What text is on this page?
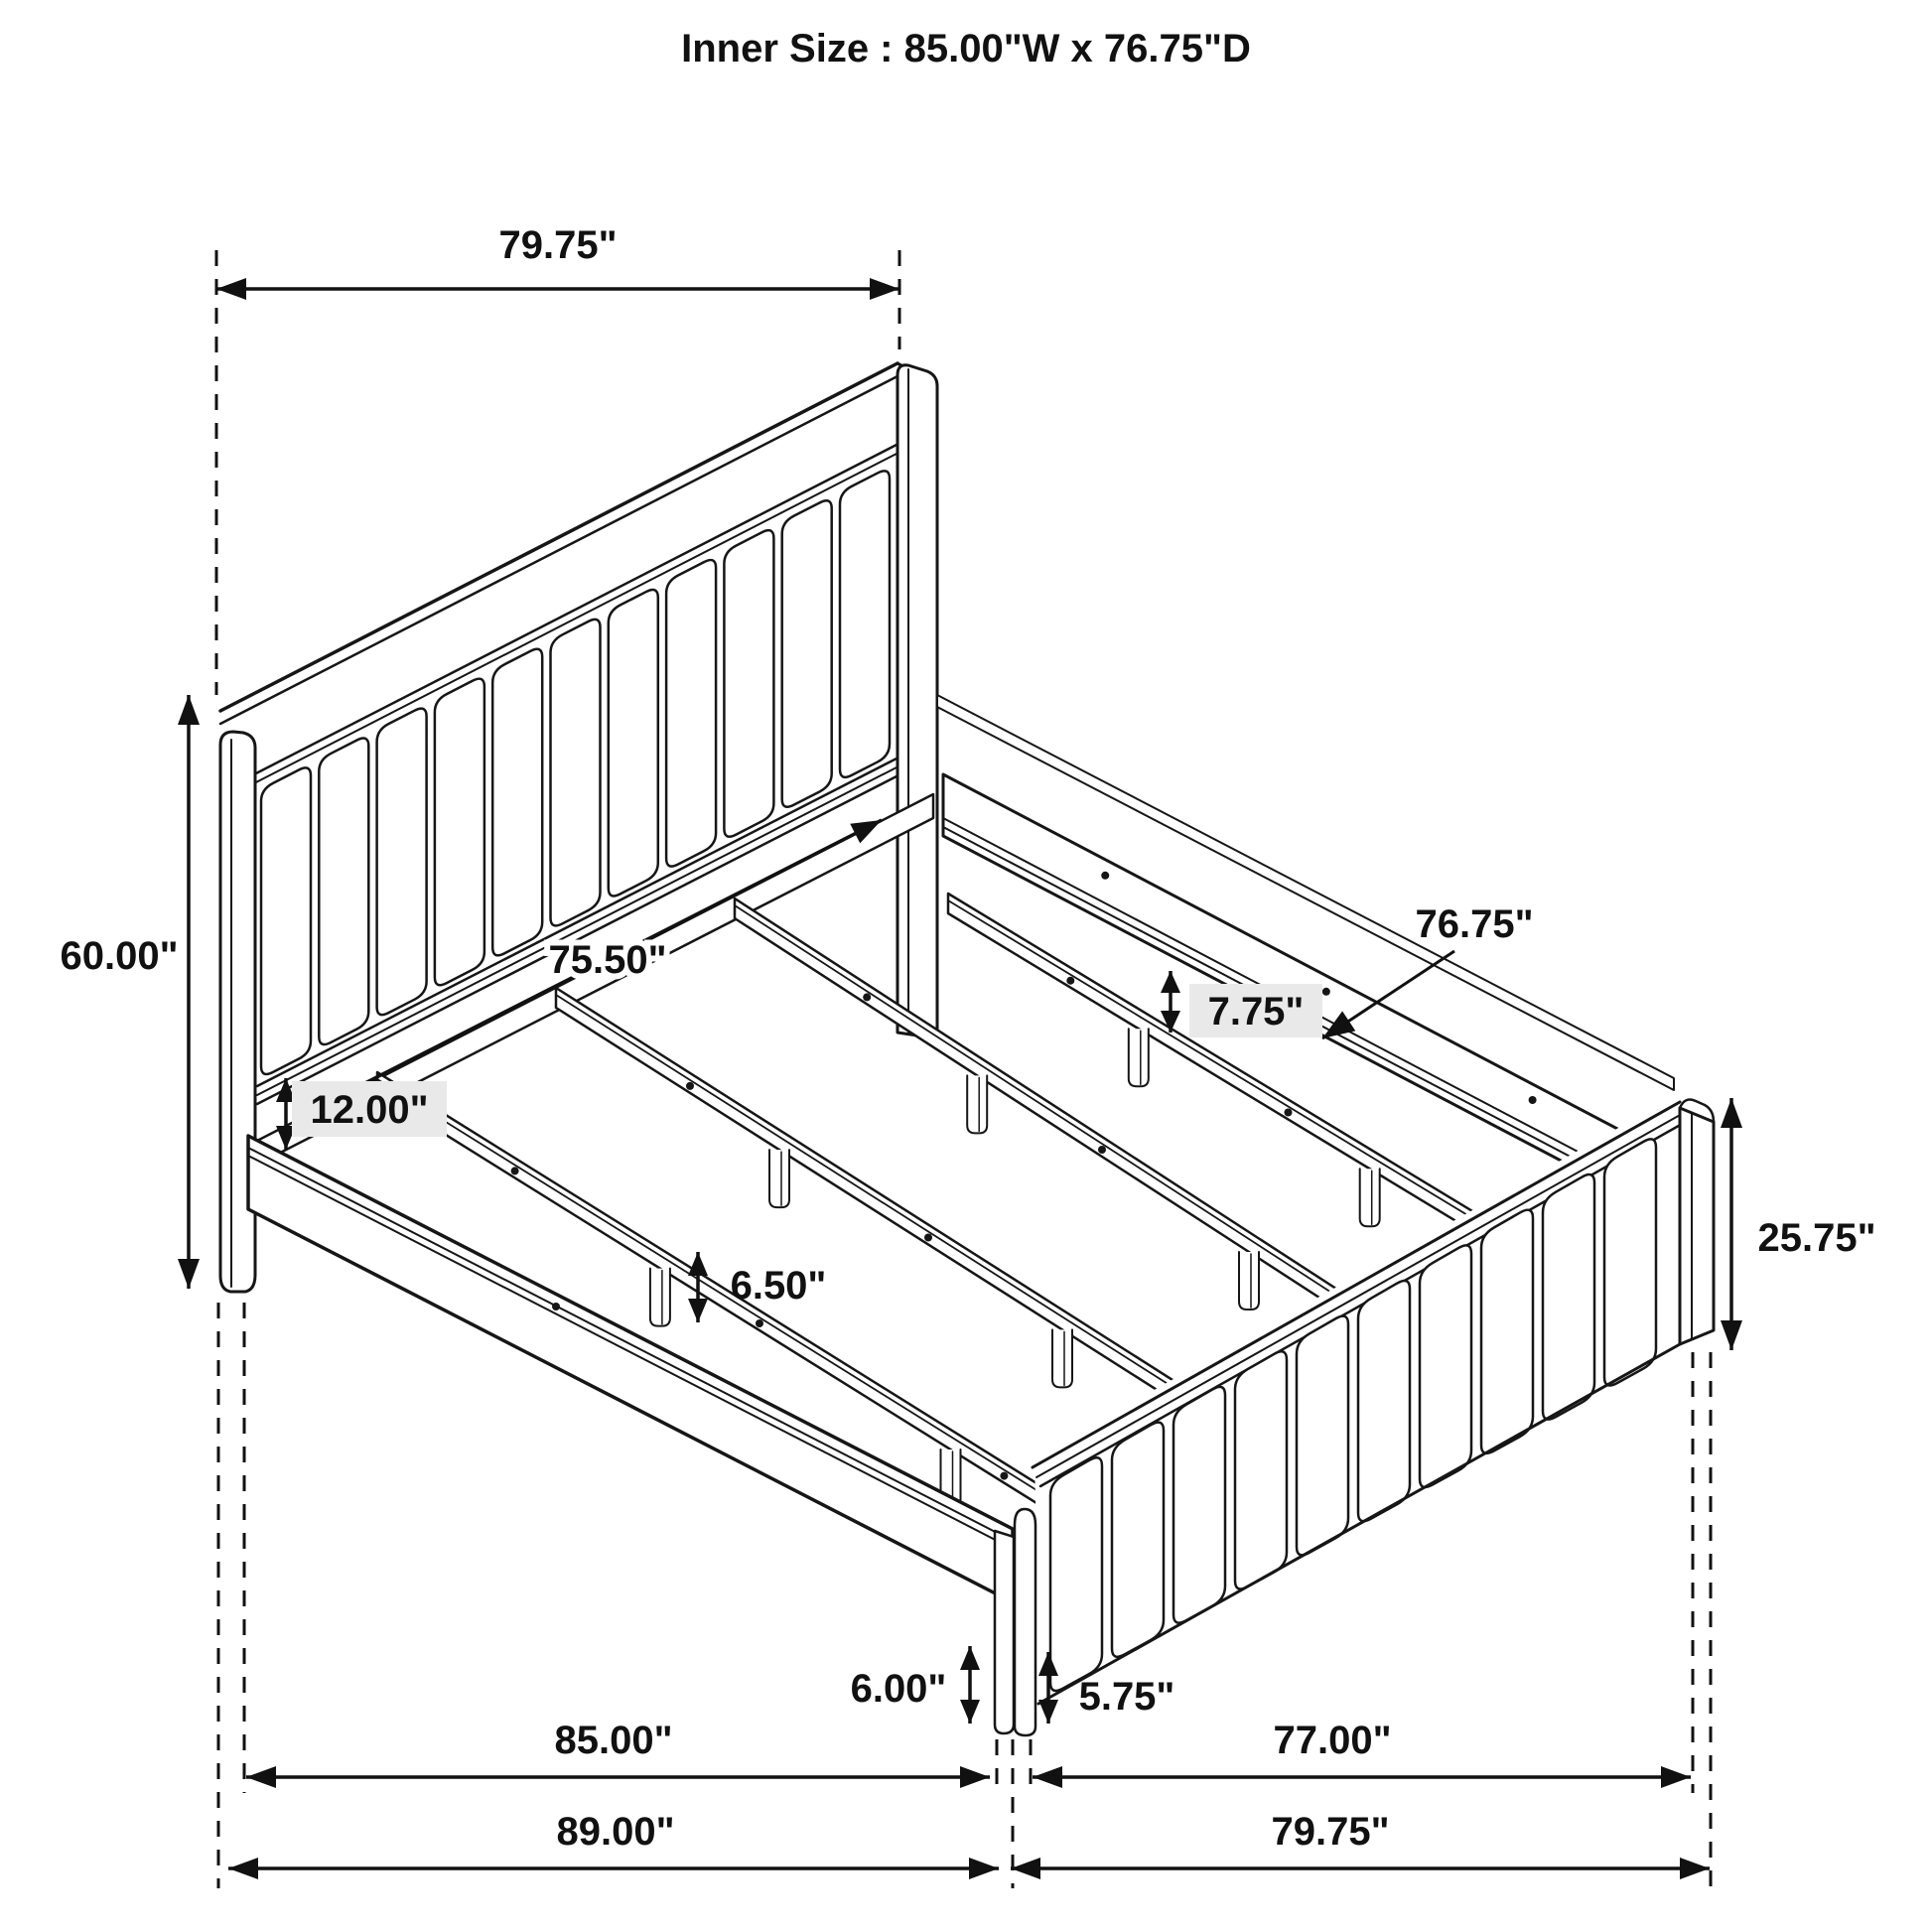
Inner Size : 85.00"W x 76.75"D
79.75"
60.00"	75.50"
12.00"
7.75"
76.75"
6.50"
25.75"
6.00"	5.75"
85.00"	77.00"
89.00"	79.75"
